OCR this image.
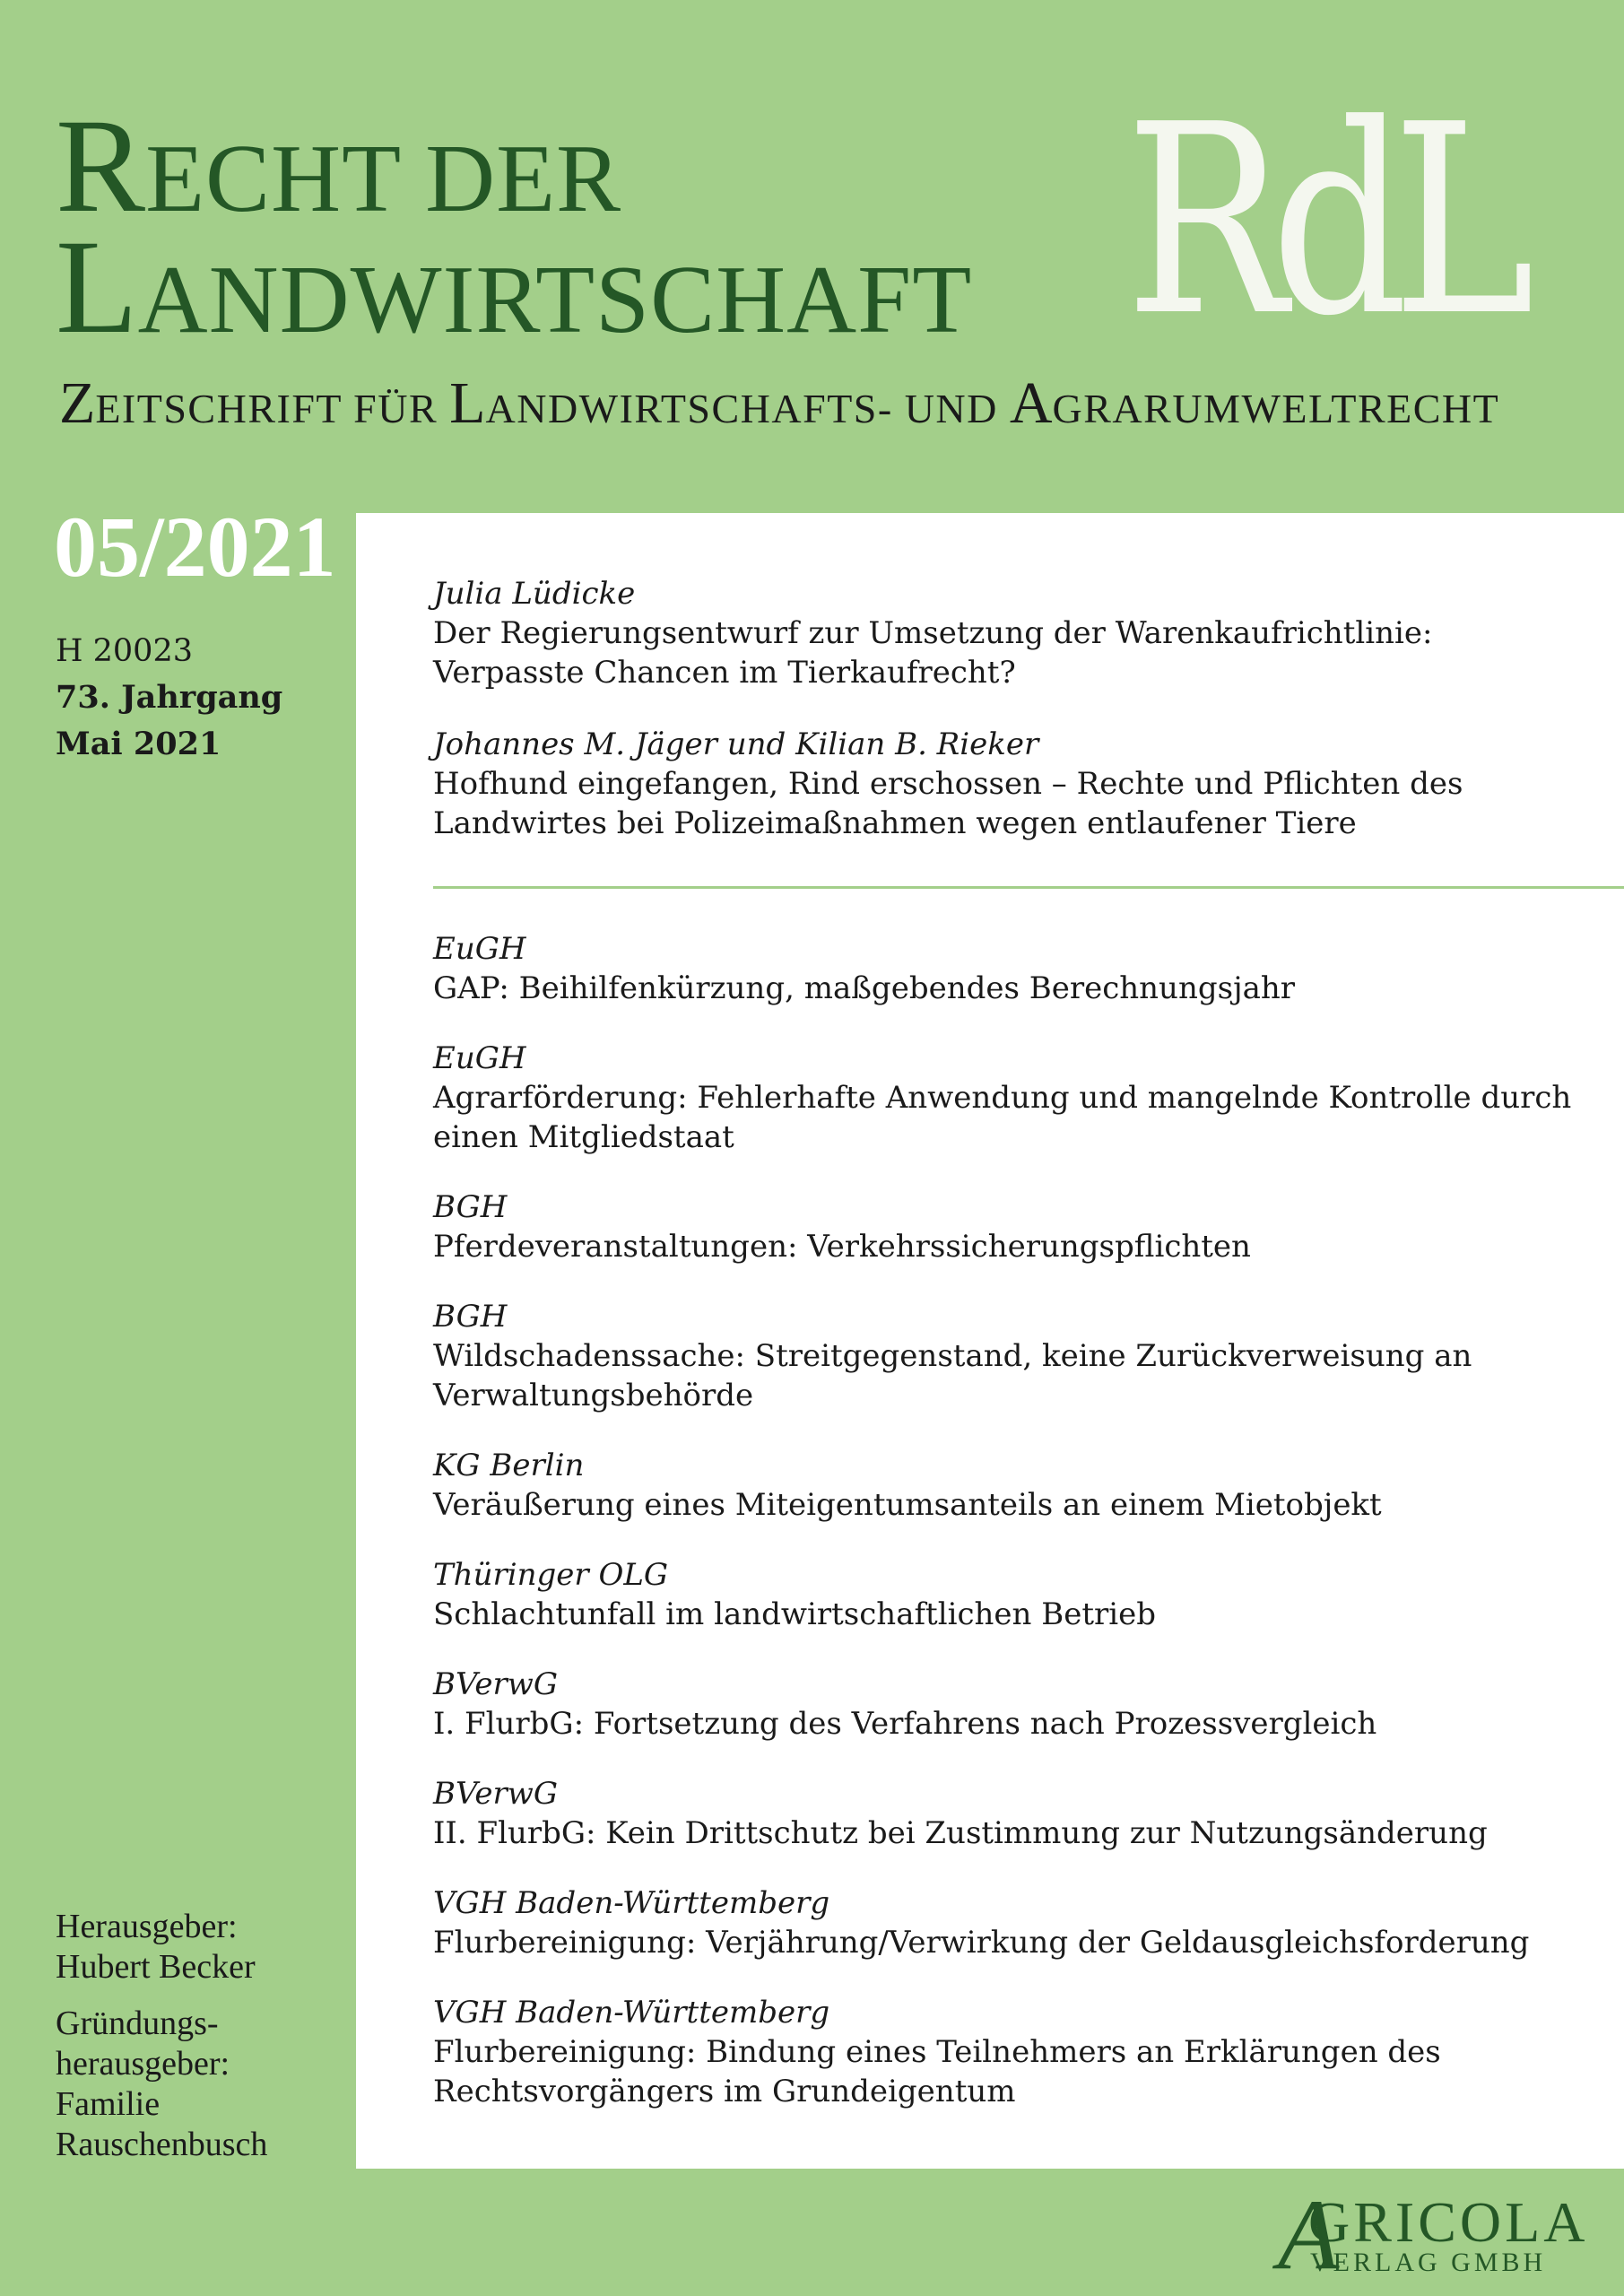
RECHT DER
LANDWIRTSCHAFT RdL
ZEITSCHRIFT FÜR LANDWIRTSCHAFTS- UND AGRARUMWELTRECHT
05/2021
H 20023
73. Jahrgang
Mai 2021
Herausgeber:
Hubert Becker
Gründungs-
herausgeber:
Familie
Rauschenbusch
Julia Lüdicke
Der Regierungsentwurf zur Umsetzung der Warenkaufrichtlinie:
Verpasste Chancen im Tierkaufrecht?
Johannes M. Jäger und Kilian B. Rieker
Hofhund eingefangen, Rind erschossen – Rechte und Pflichten des
Landwirtes bei Polizeimaßnahmen wegen entlaufener Tiere
EuGH
GAP: Beihilfenkürzung, maßgebendes Berechnungsjahr
EuGH
Agrarförderung: Fehlerhafte Anwendung und mangelnde Kontrolle durch
einen Mitgliedstaat
BGH
Pferdeveranstaltungen: Verkehrssicherungspflichten
BGH
Wildschadenssache: Streitgegenstand, keine Zurückverweisung an
Verwaltungsbehörde
KG Berlin
Veräußerung eines Miteigentumsanteils an einem Mietobjekt
Thüringer OLG
Schlachtunfall im landwirtschaftlichen Betrieb
BVerwG
I. FlurbG: Fortsetzung des Verfahrens nach Prozessvergleich
BVerwG
II. FlurbG: Kein Drittschutz bei Zustimmung zur Nutzungsänderung
VGH Baden-Württemberg
Flurbereinigung: Verjährung/Verwirkung der Geldausgleichsforderung
VGH Baden-Württemberg
Flurbereinigung: Bindung eines Teilnehmers an Erklärungen des
Rechtsvorgängers im Grundeigentum
A
GRICOLA
VERLAG GMBH
